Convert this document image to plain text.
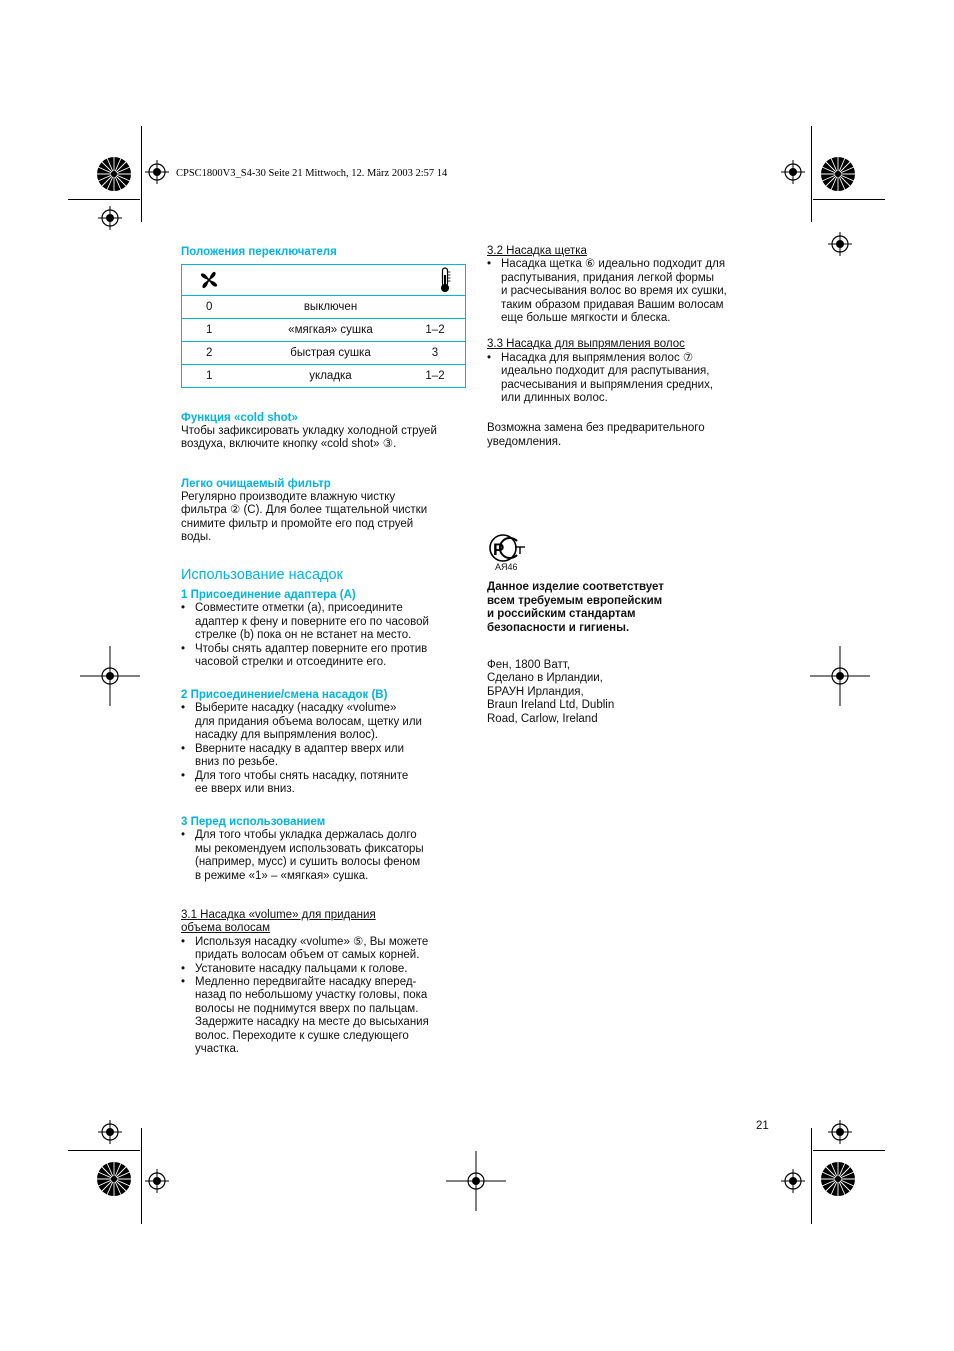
CPSC1800V3_S4-30 Seite 21 Mittwoch, 12. März 2003 2:57 14
Положения переключателя

0	выключен	
1	«мягкая» сушка	1–2
2	быстрая сушка	3
1	укладка	1–2
Функция «cold shot»
Чтобы зафиксировать укладку холодной струей
воздуха, включите кнопку «cold shot» ③.
Легко очищаемый фильтр
Регулярно производите влажную чистку
фильтра ② (C). Для более тщательной чистки
снимите фильтр и промойте его под струей
воды.
Использование насадок
1 Присоединение адаптера (A)
• Совместите отметки (a), присоедините
адаптер к фену и поверните его по часовой
стрелке (b) пока он не встанет на место.
• Чтобы снять адаптер поверните его против
часовой стрелки и отсоедините его.
2 Присоединение/смена насадок (B)
• Выберите насадку (насадку «volume»
для придания объема волосам, щетку или
насадку для выпрямления волос).
• Вверните насадку в адаптер вверх или
вниз по резьбе.
• Для того чтобы снять насадку, потяните
ее вверх или вниз.
3 Перед использованием
• Для того чтобы укладка держалась долго
мы рекомендуем использовать фиксаторы
(например, мусс) и сушить волосы феном
в режиме «1» – «мягкая» сушка.
3.1 Насадка «volume» для придания
объема волосам
• Используя насадку «volume» ⑤, Вы можете
придать волосам объем от самых корней.
• Установите насадку пальцами к голове.
• Медленно передвигайте насадку вперед-
назад по небольшому участку головы, пока
волосы не поднимутся вверх по пальцам.
Задержите насадку на месте до высыхания
волос. Переходите к сушке следующего
участка.
3.2 Насадка щетка
• Насадка щетка ⑥ идеально подходит для
распутывания, придания легкой формы
и расчесывания волос во время их сушки,
таким образом придавая Вашим волосам
еще больше мягкости и блеска.
3.3 Насадка для выпрямления волос
• Насадка для выпрямления волос ⑦
идеально подходит для распутывания,
расчесывания и выпрямления средних,
или длинных волос.
Возможна замена без предварительного
уведомления.
Р
АЯ46
Данное изделие соответствует
всем требуемым европейским
и российским стандартам
безопасности и гигиены.
Фен, 1800 Ватт,
Сделано в Ирландии,
БРАУН Ирландия,
Braun Ireland Ltd, Dublin
Road, Carlow, Ireland
21
